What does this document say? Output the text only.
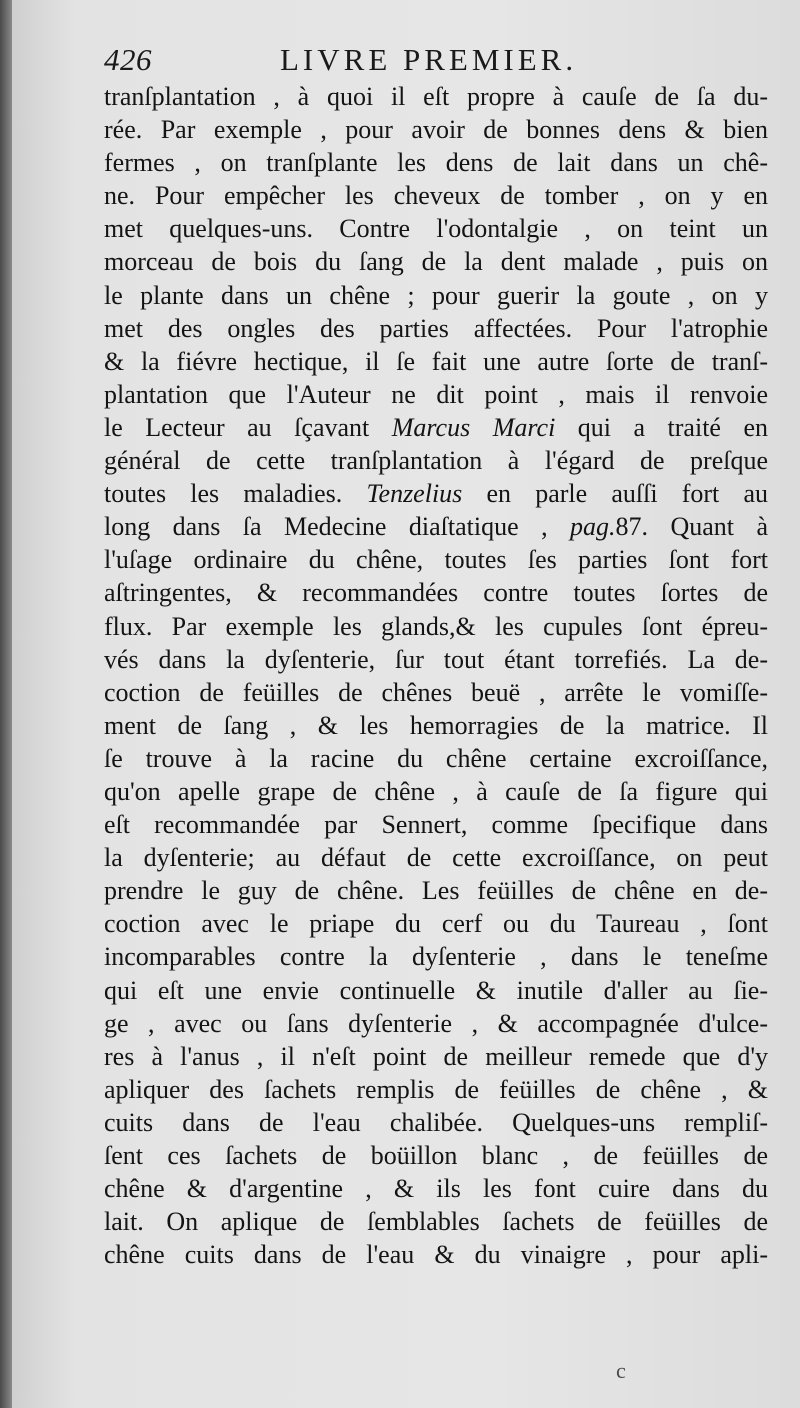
426	LIVRE PREMIER.
tranſplantation , à quoi il eſt propre à cauſe de ſa du-
rée. Par exemple , pour avoir de bonnes dens & bien
fermes , on tranſplante les dens de lait dans un chê-
ne. Pour empêcher les cheveux de tomber , on y en
met quelques-uns. Contre l'odontalgie , on teint un
morceau de bois du ſang de la dent malade , puis on
le plante dans un chêne ; pour guerir la goute , on y
met des ongles des parties affectées. Pour l'atrophie
& la fiévre hectique, il ſe fait une autre ſorte de tranſ-
plantation que l'Auteur ne dit point , mais il renvoie
le Lecteur au ſçavant Marcus Marci qui a traité en
général de cette tranſplantation à l'égard de preſque
toutes les maladies. Tenzelius en parle auſſi fort au
long dans ſa Medecine diaſtatique , pag.87. Quant à
l'uſage ordinaire du chêne, toutes ſes parties ſont fort
aſtringentes, & recommandées contre toutes ſortes de
flux. Par exemple les glands,& les cupules ſont épreu-
vés dans la dyſenterie, ſur tout étant torrefiés. La de-
coction de feüilles de chênes beuë , arrête le vomiſſe-
ment de ſang , & les hemorragies de la matrice. Il
ſe trouve à la racine du chêne certaine excroiſſance,
qu'on apelle grape de chêne , à cauſe de ſa figure qui
eſt recommandée par Sennert, comme ſpecifique dans
la dyſenterie; au défaut de cette excroiſſance, on peut
prendre le guy de chêne. Les feüilles de chêne en de-
coction avec le priape du cerf ou du Taureau , ſont
incomparables contre la dyſenterie , dans le teneſme
qui eſt une envie continuelle & inutile d'aller au ſie-
ge , avec ou ſans dyſenterie , & accompagnée d'ulce-
res à l'anus , il n'eſt point de meilleur remede que d'y
apliquer des ſachets remplis de feüilles de chêne , &
cuits dans de l'eau chalibée. Quelques-uns rempliſ-
ſent ces ſachets de boüillon blanc , de feüilles de
chêne & d'argentine , & ils les font cuire dans du
lait. On aplique de ſemblables ſachets de feüilles de
chêne cuits dans de l'eau & du vinaigre , pour apli-
c
